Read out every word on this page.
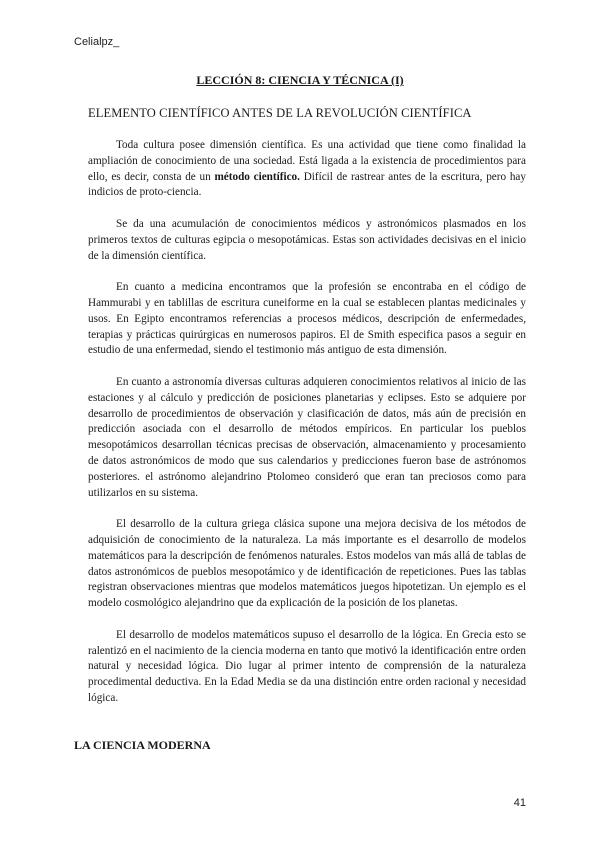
Celialpz_
LECCIÓN 8: CIENCIA Y TÉCNICA (I)
ELEMENTO CIENTÍFICO ANTES DE LA REVOLUCIÓN CIENTÍFICA

Toda cultura posee dimensión científica. Es una actividad que tiene como finalidad la ampliación de conocimiento de una sociedad. Está ligada a la existencia de procedimientos para ello, es decir, consta de un método científico. Difícil de rastrear antes de la escritura, pero hay indicios de proto-ciencia.

Se da una acumulación de conocimientos médicos y astronómicos plasmados en los primeros textos de culturas egipcia o mesopotámicas. Estas son actividades decisivas en el inicio de la dimensión científica.

En cuanto a medicina encontramos que la profesión se encontraba en el código de Hammurabi y en tablillas de escritura cuneiforme en la cual se establecen plantas medicinales y usos. En Egipto encontramos referencias a procesos médicos, descripción de enfermedades, terapias y prácticas quirúrgicas en numerosos papiros. El de Smith especifica pasos a seguir en estudio de una enfermedad, siendo el testimonio más antiguo de esta dimensión.

En cuanto a astronomía diversas culturas adquieren conocimientos relativos al inicio de las estaciones y al cálculo y predicción de posiciones planetarias y eclipses. Esto se adquiere por desarrollo de procedimientos de observación y clasificación de datos, más aún de precisión en predicción asociada con el desarrollo de métodos empíricos. En particular los pueblos mesopotámicos desarrollan técnicas precisas de observación, almacenamiento y procesamiento de datos astronómicos de modo que sus calendarios y predicciones fueron base de astrónomos posteriores. el astrónomo alejandrino Ptolomeo consideró que eran tan preciosos como para utilizarlos en su sistema.

El desarrollo de la cultura griega clásica supone una mejora decisiva de los métodos de adquisición de conocimiento de la naturaleza. La más importante es el desarrollo de modelos matemáticos para la descripción de fenómenos naturales. Estos modelos van más allá de tablas de datos astronómicos de pueblos mesopotámico y de identificación de repeticiones. Pues las tablas registran observaciones mientras que modelos matemáticos juegos hipotetizan. Un ejemplo es el modelo cosmológico alejandrino que da explicación de la posición de los planetas.

El desarrollo de modelos matemáticos supuso el desarrollo de la lógica. En Grecia esto se ralentizó en el nacimiento de la ciencia moderna en tanto que motivó la identificación entre orden natural y necesidad lógica. Dio lugar al primer intento de comprensión de la naturaleza procedimental deductiva. En la Edad Media se da una distinción entre orden racional y necesidad lógica.

LA CIENCIA MODERNA
41
